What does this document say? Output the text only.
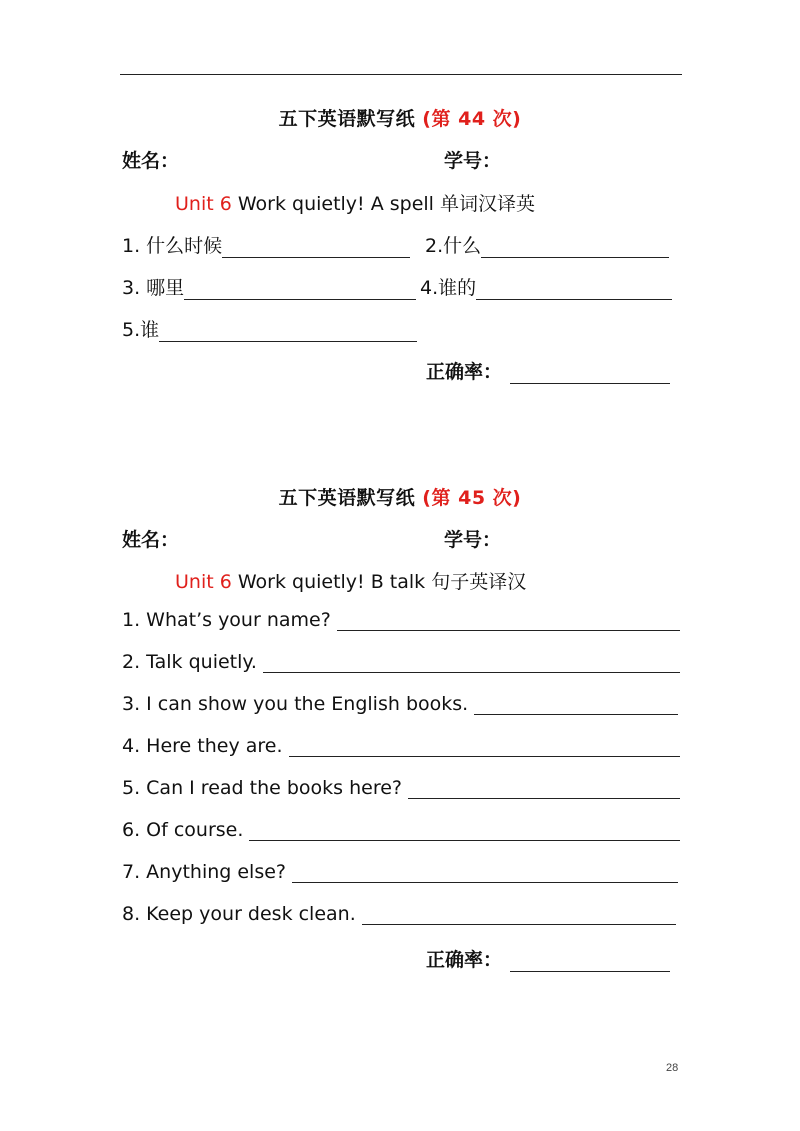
五下英语默写纸 (第 44 次)
姓名：	学号：
Unit 6 Work quietly! A spell 单词汉译英
1. 什么时候	2.什么
3. 哪里	4.谁的
5.谁
正确率：
五下英语默写纸 (第 45 次)
姓名：	学号：
Unit 6 Work quietly! B talk 句子英译汉
1. What’s your name?
2. Talk quietly.
3. I can show you the English books.
4. Here they are.
5. Can I read the books here?
6. Of course.
7. Anything else?
8. Keep your desk clean.
正确率：
28
